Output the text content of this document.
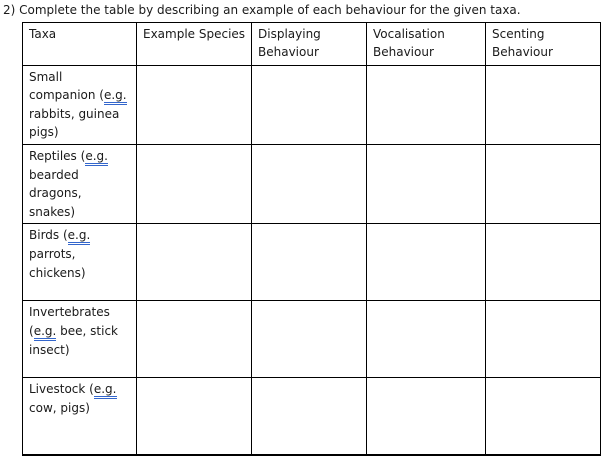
2) Complete the table by describing an example of each behaviour for the given taxa.
Taxa	Example Species	Displaying Behaviour	Vocalisation Behaviour	Scenting Behaviour
Small companion (e.g. rabbits, guinea pigs)				
Reptiles (e.g. bearded dragons, snakes)				
Birds (e.g. parrots, chickens)				
Invertebrates (e.g. bee, stick insect)				
Livestock (e.g. cow, pigs)				
